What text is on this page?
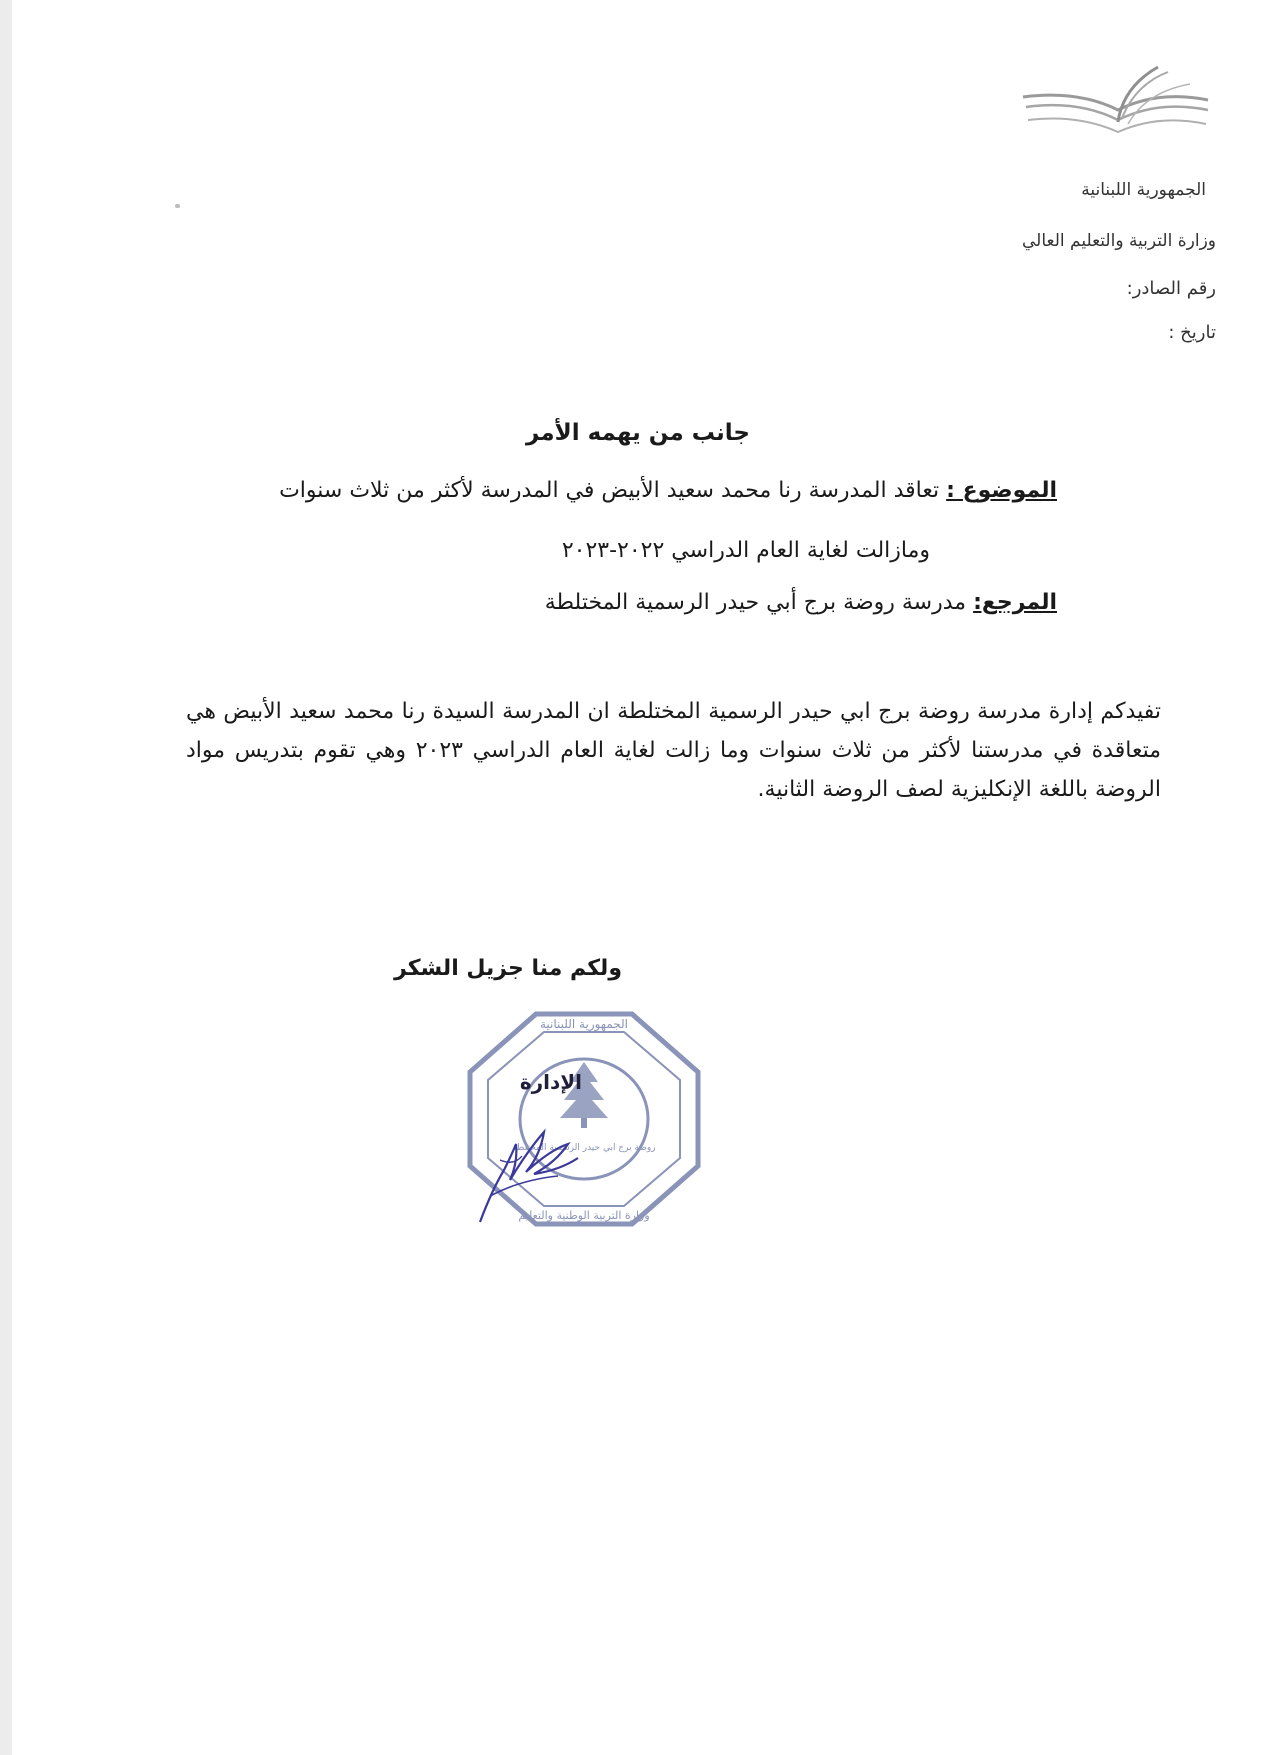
الجمهورية اللبنانية
وزارة التربية والتعليم العالي
رقم الصادر:
تاريخ :
جانب من يهمه الأمر
الموضوع : تعاقد المدرسة رنا محمد سعيد الأبيض في المدرسة لأكثر من ثلاث سنوات
ومازالت لغاية العام الدراسي ٢٠٢٢-٢٠٢٣
المرجع: مدرسة روضة برج أبي حيدر الرسمية المختلطة

تفيدكم إدارة مدرسة روضة برج ابي حيدر الرسمية المختلطة ان المدرسة السيدة رنا محمد سعيد الأبيض هي متعاقدة في مدرستنا لأكثر من ثلاث سنوات وما زالت لغاية العام الدراسي ٢٠٢٣ وهي تقوم بتدريس مواد الروضة باللغة الإنكليزية لصف الروضة الثانية.

ولكم منا جزيل الشكر
الجمهورية اللبنانية
وزارة التربية الوطنية والتعليم
روضة برج ابي حيدر الرسمية المختلطة
الإدارة
